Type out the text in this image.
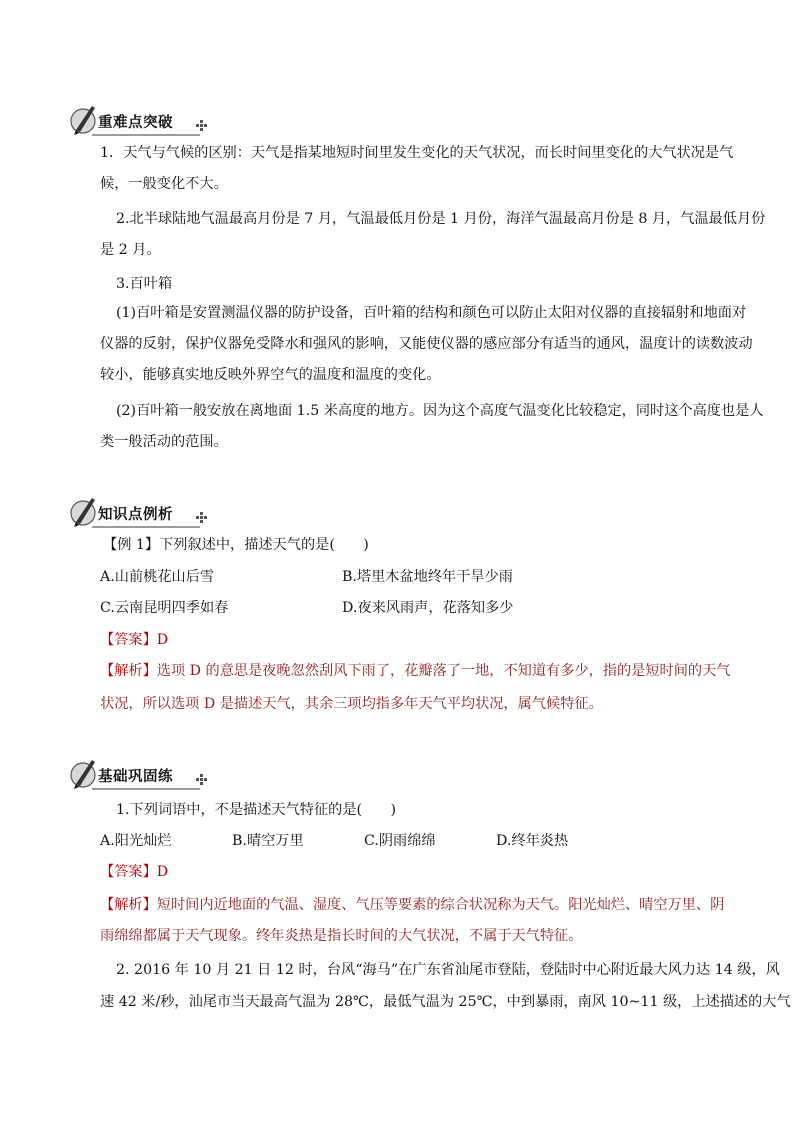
重难点突破
1．天气与气候的区别：天气是指某地短时间里发生变化的天气状况，而长时间里变化的大气状况是气
候，一般变化不大。
2.北半球陆地气温最高月份是 7 月，气温最低月份是 1 月份，海洋气温最高月份是 8 月，气温最低月份
是 2 月。
3.百叶箱
(1)百叶箱是安置测温仪器的防护设备，百叶箱的结构和颜色可以防止太阳对仪器的直接辐射和地面对
仪器的反射，保护仪器免受降水和强风的影响，又能使仪器的感应部分有适当的通风，温度计的读数波动
较小，能够真实地反映外界空气的温度和温度的变化。
(2)百叶箱一般安放在离地面 1.5 米高度的地方。因为这个高度气温变化比较稳定，同时这个高度也是人
类一般活动的范围。
知识点例析
【例 1】下列叙述中，描述天气的是(　　)
A.山前桃花山后雪	B.塔里木盆地终年干旱少雨
C.云南昆明四季如春	D.夜来风雨声，花落知多少
【答案】D
【解析】选项 D 的意思是夜晚忽然刮风下雨了，花瓣落了一地，不知道有多少，指的是短时间的天气
状况，所以选项 D 是描述天气，其余三项均指多年天气平均状况，属气候特征。
基础巩固练
1.下列词语中，不是描述天气特征的是(　　)
A.阳光灿烂	B.晴空万里	C.阴雨绵绵	D.终年炎热
【答案】D
【解析】短时间内近地面的气温、湿度、气压等要素的综合状况称为天气。阳光灿烂、晴空万里、阴
雨绵绵都属于天气现象。终年炎热是指长时间的大气状况，不属于天气特征。
2. 2016 年 10 月 21 日 12 时，台风“海马”在广东省汕尾市登陆，登陆时中心附近最大风力达 14 级，风
速 42 米/秒，汕尾市当天最高气温为 28℃，最低气温为 25℃，中到暴雨，南风 10~11 级，上述描述的大气
